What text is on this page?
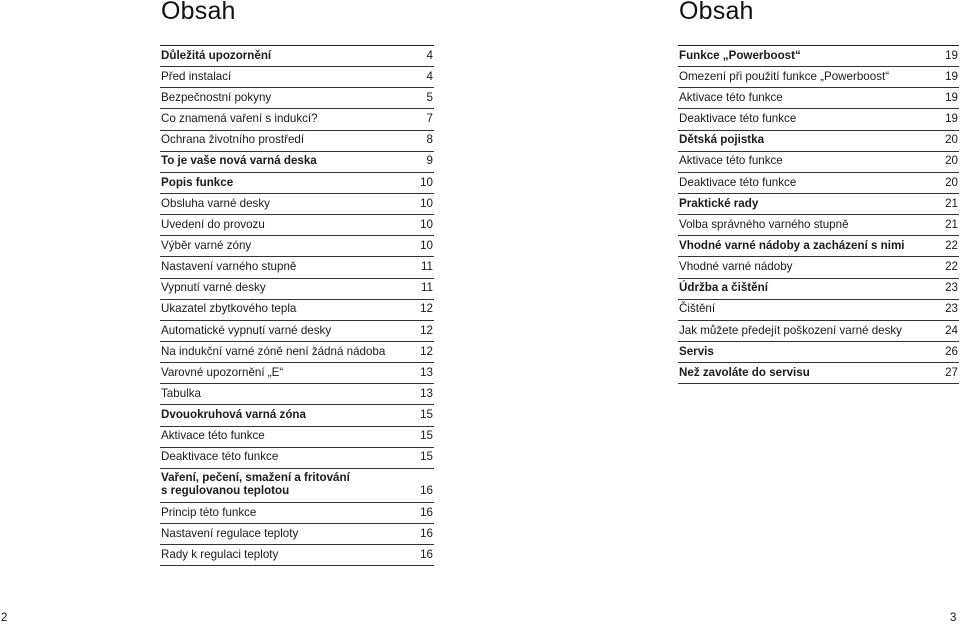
Obsah
Důležitá upozornění	4
Před instalací	4
Bezpečnostní pokyny	5
Co znamená vaření s indukcí?	7
Ochrana životního prostředí	8
To je vaše nová varná deska	9
Popis funkce	10
Obsluha varné desky	10
Uvedení do provozu	10
Výběr varné zóny	10
Nastavení varného stupně	11
Vypnutí varné desky	11
Ukazatel zbytkového tepla	12
Automatické vypnutí varné desky	12
Na indukční varné zóně není žádná nádoba	12
Varovné upozornění „E“	13
Tabulka	13
Dvouokruhová varná zóna	15
Aktivace této funkce	15
Deaktivace této funkce	15
Vaření, pečení, smažení a fritování
s regulovanou teplotou	16
Princip této funkce	16
Nastavení regulace teploty	16
Rady k regulaci teploty	16
Obsah
Funkce „Powerboost“	19
Omezení při použití funkce „Powerboost“	19
Aktivace této funkce	19
Deaktivace této funkce	19
Dětská pojistka	20
Aktivace této funkce	20
Deaktivace této funkce	20
Praktické rady	21
Volba správného varného stupně	21
Vhodné varné nádoby a zacházení s nimi	22
Vhodné varné nádoby	22
Údržba a čištění	23
Čištění	23
Jak můžete předejít poškození varné desky	24
Servis	26
Než zavoláte do servisu	27
2	3
